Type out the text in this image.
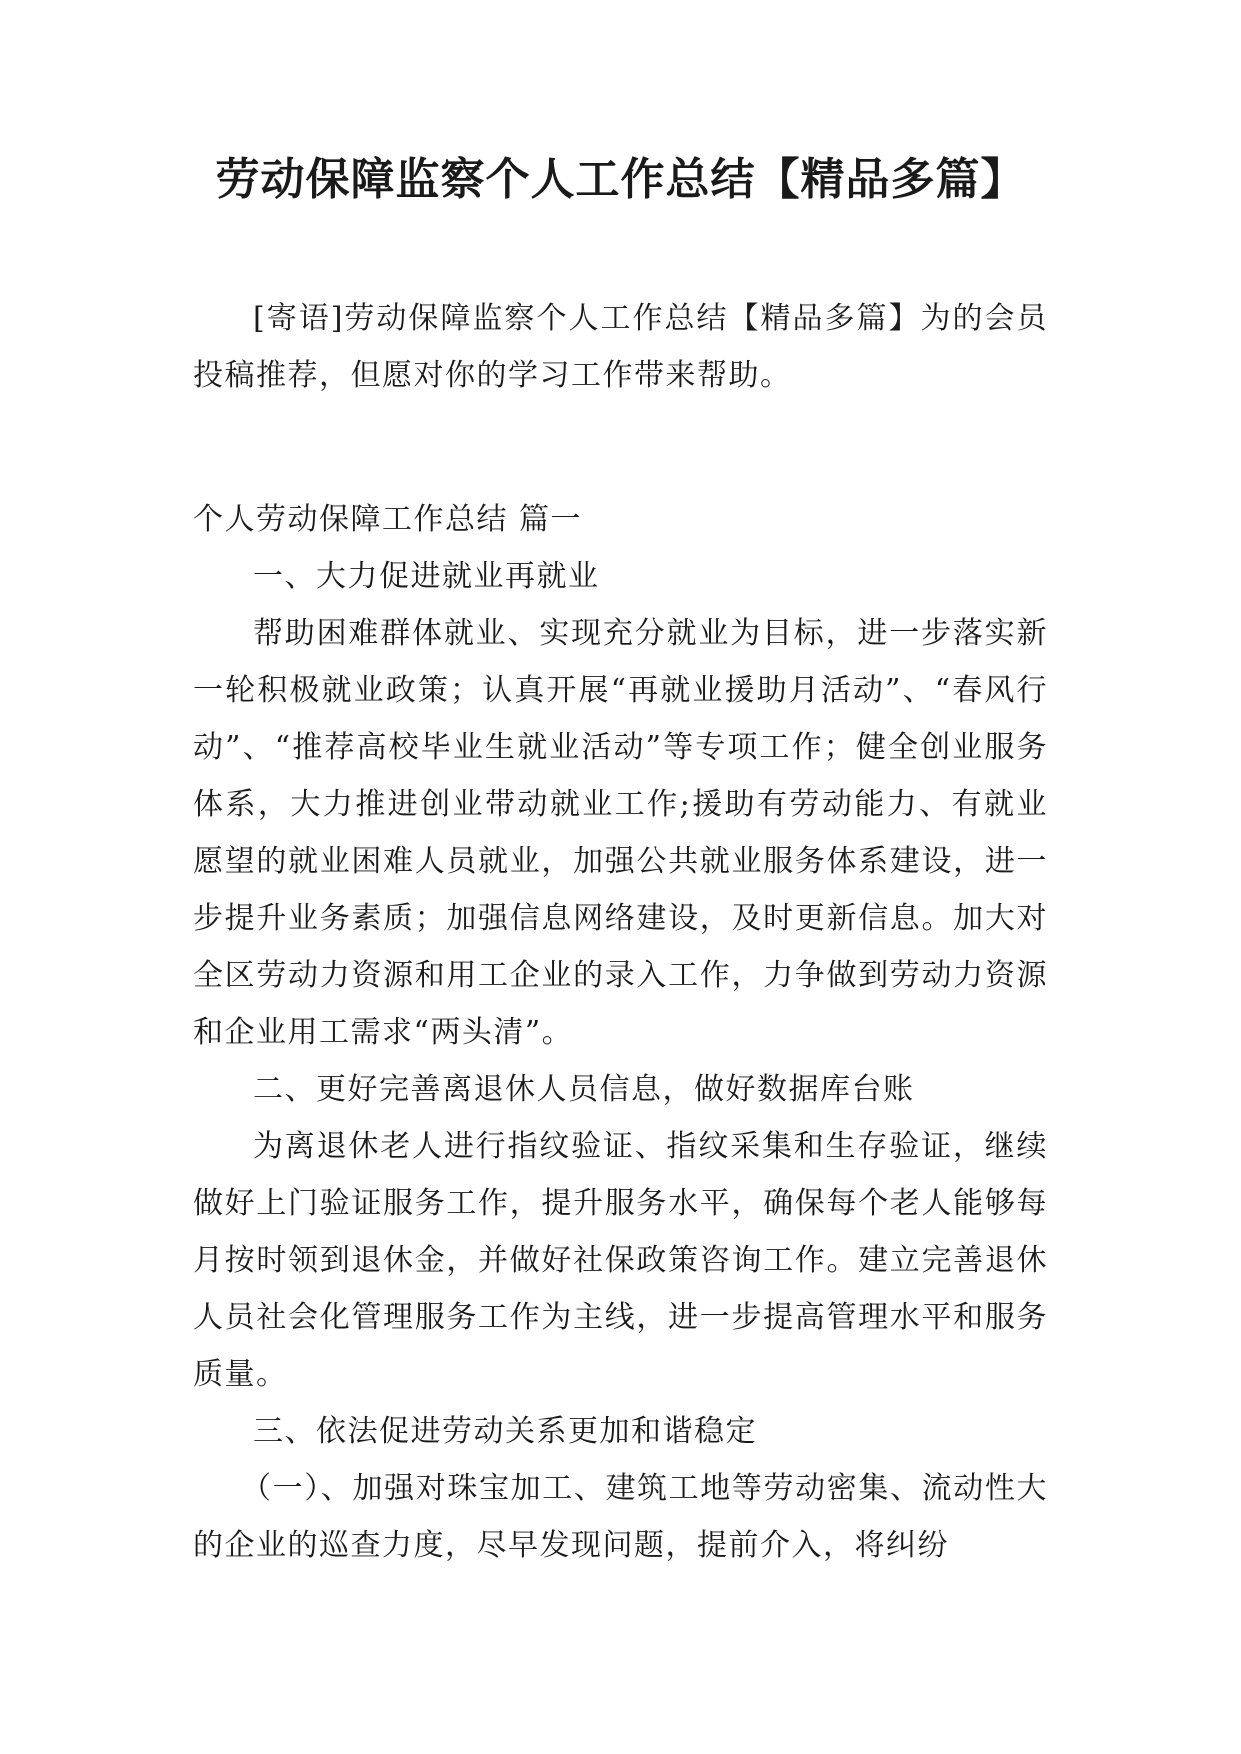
劳动保障监察个人工作总结【精品多篇】

[寄语]劳动保障监察个人工作总结【精品多篇】为的会员投稿推荐，但愿对你的学习工作带来帮助。

个人劳动保障工作总结 篇一

一、大力促进就业再就业

帮助困难群体就业、实现充分就业为目标，进一步落实新一轮积极就业政策；认真开展“再就业援助月活动”、“春风行动”、“推荐高校毕业生就业活动”等专项工作；健全创业服务体系，大力推进创业带动就业工作;援助有劳动能力、有就业愿望的就业困难人员就业，加强公共就业服务体系建设，进一步提升业务素质；加强信息网络建设，及时更新信息。加大对全区劳动力资源和用工企业的录入工作，力争做到劳动力资源和企业用工需求“两头清”。

二、更好完善离退休人员信息，做好数据库台账

为离退休老人进行指纹验证、指纹采集和生存验证，继续做好上门验证服务工作，提升服务水平，确保每个老人能够每月按时领到退休金，并做好社保政策咨询工作。建立完善退休人员社会化管理服务工作为主线，进一步提高管理水平和服务质量。

三、依法促进劳动关系更加和谐稳定

（一）、加强对珠宝加工、建筑工地等劳动密集、流动性大的企业的巡查力度，尽早发现问题，提前介入，将纠纷
